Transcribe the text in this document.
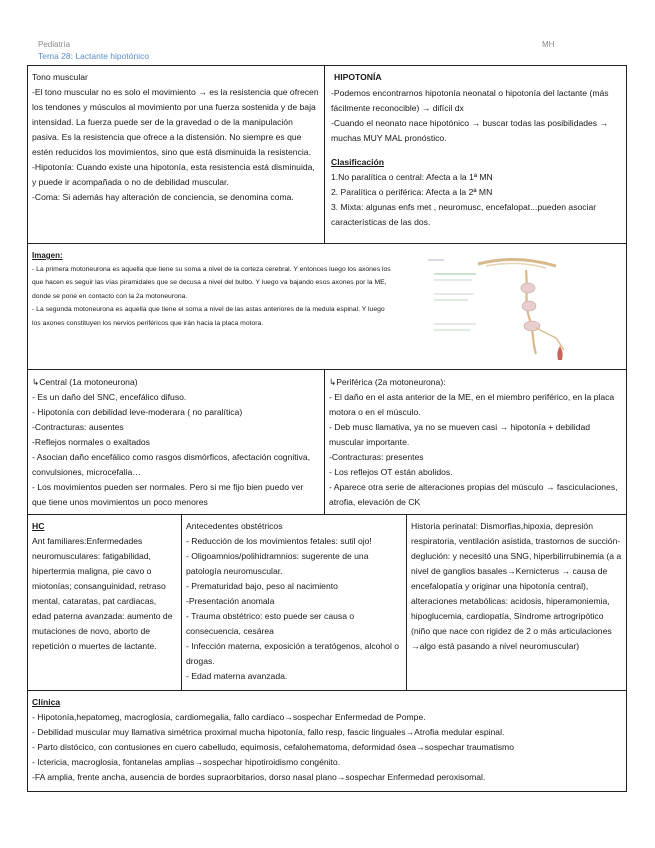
Pediatría	MH
Tema 28: Lactante hipotónico

Tono muscular

-El tono muscular no es solo el movimiento → es la resistencia que ofrecen los tendones y músculos al movimiento por una fuerza sostenida y de baja intensidad. La fuerza puede ser de la gravedad o de la manipulación pasiva. Es la resistencia que ofrece a la distensión. No siempre es que estén reducidos los movimientos, sino que está disminuida la resistencia.

-Hipotonía: Cuando existe una hipotonía, esta resistencia está disminuida, y puede ir acompañada o no de debilidad muscular.

-Coma: Si además hay alteración de conciencia, se denomina coma.

HIPOTONÍA

-Podemos encontrarnos hipotonía neonatal o hipotonía del lactante (más fácilmente reconocible) → difícil dx

-Cuando el neonato nace hipotónico → buscar todas las posibilidades → muchas MUY MAL pronóstico.

Clasificación

1.No paralítica o central: Afecta a la 1ª MN

2. Paralítica o periférica: Afecta a la 2ª MN

3. Mixta: algunas enfs met , neuromusc, encefalopat...pueden asociar características de las dos.

Imagen:

- La primera motoneurona es aquella que tiene su soma a nivel de la corteza cerebral. Y entonces luego los axones los que hacen es seguir las vías piramidales que se decusa a nivel del bulbo. Y luego va bajando esos axones por la ME, donde se pone en contacto con la 2a motoneurona.

- La segunda motoneurona es aquella que tiene el soma a nivel de las astas anteriores de la medula espinal. Y luego los axones constituyen los nervios periféricos que irán hacia la placa motora.

↳Central (1a motoneurona)

- Es un daño del SNC, encefálico difuso.

- Hipotonía con debilidad leve-moderara ( no paralítica)

-Contracturas: ausentes

-Reflejos normales o exaltados

- Asocian daño encefálico como rasgos dismórficos, afectación cognitiva, convulsiones, microcefalia…

- Los movimientos pueden ser normales. Pero si me fijo bien puedo ver que tiene unos movimientos un poco menores

↳Periférica (2a motoneurona):

- El daño en el asta anterior de la ME, en el miembro periférico, en la placa motora o en el músculo.

- Deb musc llamativa, ya no se mueven casi → hipotonía + debilidad muscular importante.

-Contracturas: presentes

- Los reflejos OT están abolidos.

- Aparece otra serie de alteraciones propias del músculo → fasciculaciones, atrofia, elevación de CK

HC

Ant familiares:Enfermedades neuromusculares: fatigabilidad, hipertermia maligna, pie cavo o miotonías; consanguinidad, retraso mental, cataratas, pat cardiacas, edad paterna avanzada: aumento de mutaciones de novo, aborto de repetición o muertes de lactante.

Antecedentes obstétricos

- Reducción de los movimientos fetales: sutil ojo!

- Oligoamnios/polihidramnios: sugerente de una patología neuromuscular.

- Prematuridad bajo, peso al nacimiento

-Presentación anomala

- Trauma obstétrico: esto puede ser causa o consecuencia, cesárea

- Infección materna, exposición a teratógenos, alcohol o drogas.

- Edad materna avanzada.

Historia perinatal: Dismorfias,hipoxia, depresión respiratoria, ventilación asistida, trastornos de succión-deglución: y necesitó una SNG, hiperbilirrubinemia (a a nivel de ganglios basales→Kernicterus → causa de encefalopatía y originar una hipotonía central), alteraciones metabólicas: acidosis, hiperamoniemia, hipoglucemia, cardiopatía, Síndrome artrogripótico (niño que nace con rigidez de 2 o más articulaciones →algo está pasando a nivel neuromuscular)

Clínica

- Hipotonía,hepatomeg, macroglosia, cardiomegalia, fallo cardiaco→sospechar Enfermedad de Pompe.

- Debilidad muscular muy llamativa simétrica proximal mucha hipotonía, fallo resp, fascic linguales→Atrofia medular espinal.

- Parto distócico, con contusiones en cuero cabelludo, equimosis, cefalohematoma, deformidad ósea→sospechar traumatismo

- Ictericia, macroglosia, fontanelas amplias→sospechar hipotiroidismo congénito.

-FA amplia, frente ancha, ausencia de bordes supraorbitarios, dorso nasal plano→sospechar Enfermedad peroxisomal.
